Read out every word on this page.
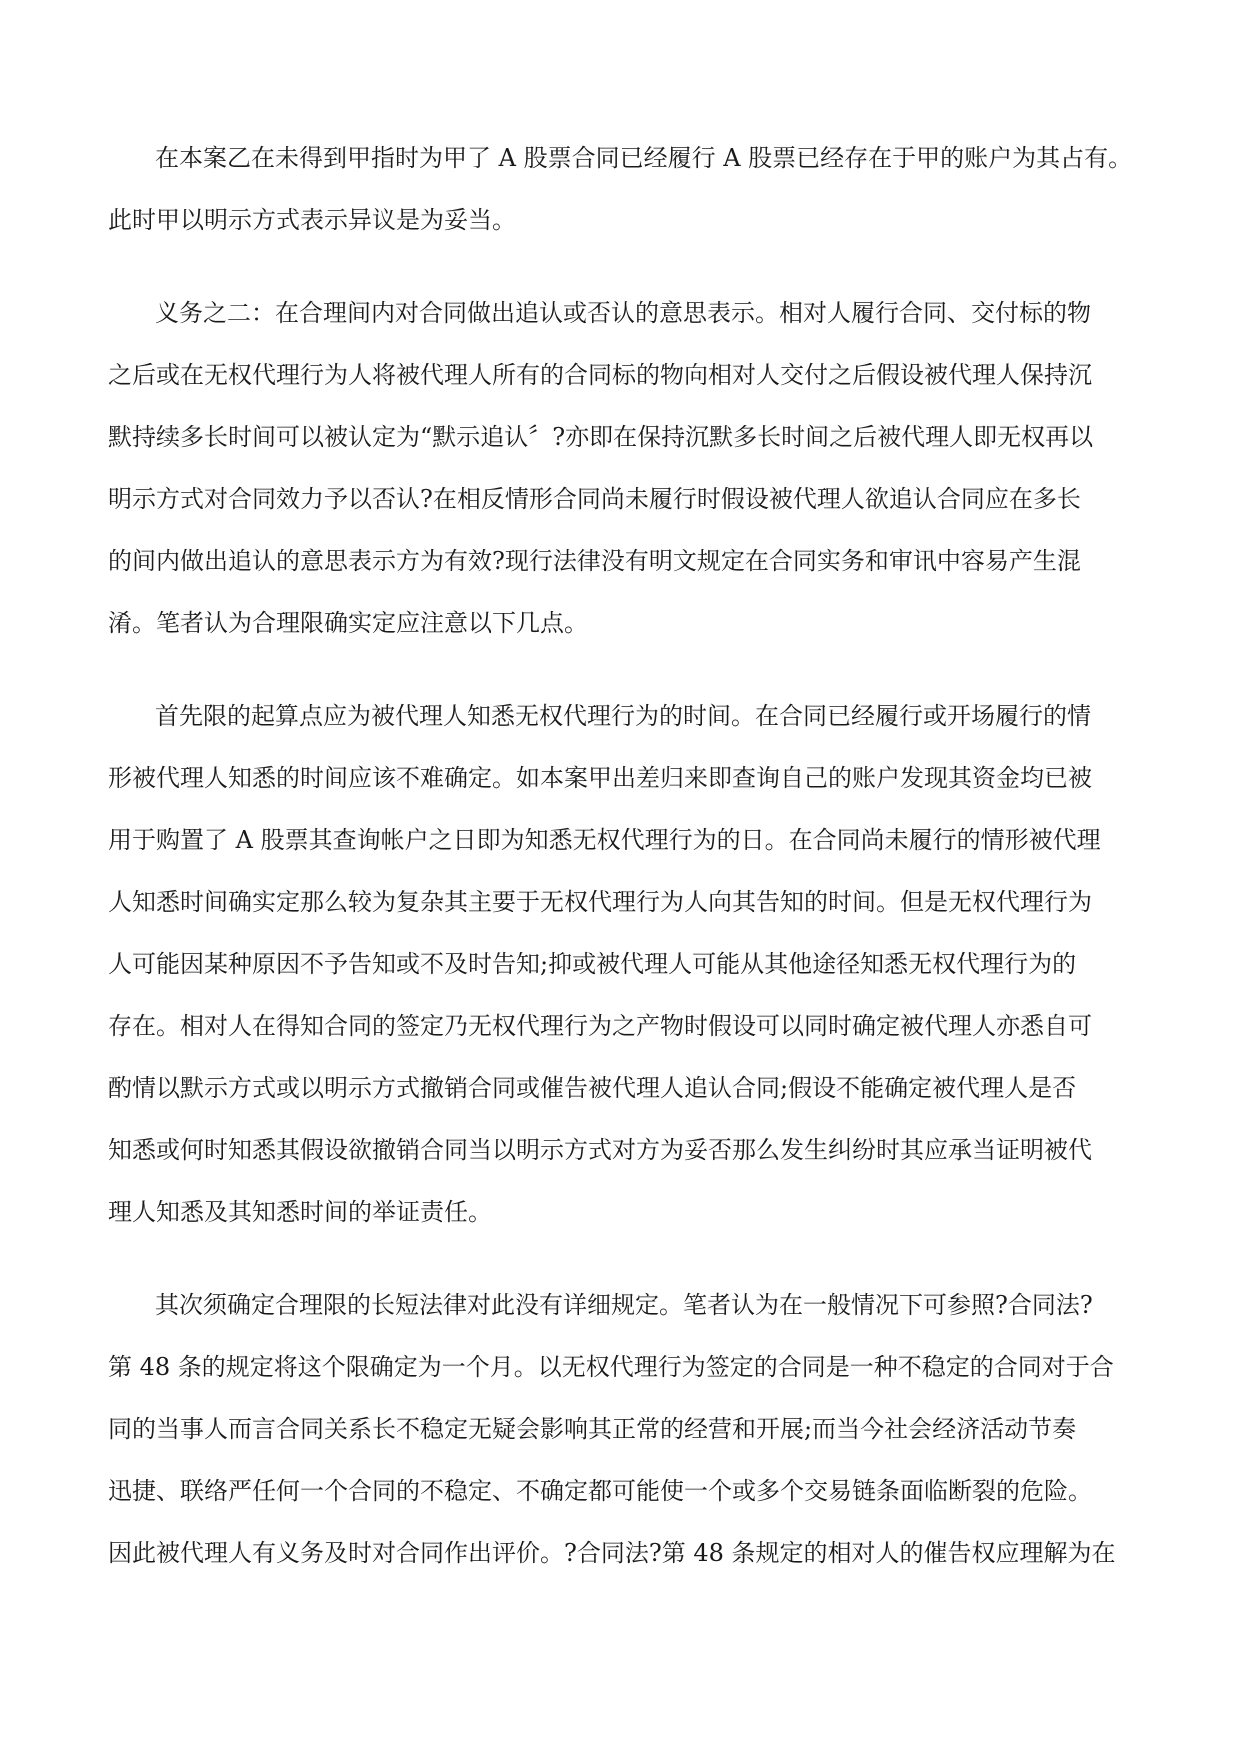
在本案乙在未得到甲指时为甲了 A 股票合同已经履行 A 股票已经存在于甲的账户为其占有。
此时甲以明示方式表示异议是为妥当。
义务之二：在合理间内对合同做出追认或否认的意思表示。相对人履行合同、交付标的物
之后或在无权代理行为人将被代理人所有的合同标的物向相对人交付之后假设被代理人保持沉
默持续多长时间可以被认定为“默示追认〞?亦即在保持沉默多长时间之后被代理人即无权再以
明示方式对合同效力予以否认?在相反情形合同尚未履行时假设被代理人欲追认合同应在多长
的间内做出追认的意思表示方为有效?现行法律没有明文规定在合同实务和审讯中容易产生混
淆。笔者认为合理限确实定应注意以下几点。
首先限的起算点应为被代理人知悉无权代理行为的时间。在合同已经履行或开场履行的情
形被代理人知悉的时间应该不难确定。如本案甲出差归来即查询自己的账户发现其资金均已被
用于购置了 A 股票其查询帐户之日即为知悉无权代理行为的日。在合同尚未履行的情形被代理
人知悉时间确实定那么较为复杂其主要于无权代理行为人向其告知的时间。但是无权代理行为
人可能因某种原因不予告知或不及时告知;抑或被代理人可能从其他途径知悉无权代理行为的
存在。相对人在得知合同的签定乃无权代理行为之产物时假设可以同时确定被代理人亦悉自可
酌情以默示方式或以明示方式撤销合同或催告被代理人追认合同;假设不能确定被代理人是否
知悉或何时知悉其假设欲撤销合同当以明示方式对方为妥否那么发生纠纷时其应承当证明被代
理人知悉及其知悉时间的举证责任。
其次须确定合理限的长短法律对此没有详细规定。笔者认为在一般情况下可参照?合同法?
第 48 条的规定将这个限确定为一个月。以无权代理行为签定的合同是一种不稳定的合同对于合
同的当事人而言合同关系长不稳定无疑会影响其正常的经营和开展;而当今社会经济活动节奏
迅捷、联络严任何一个合同的不稳定、不确定都可能使一个或多个交易链条面临断裂的危险。
因此被代理人有义务及时对合同作出评价。?合同法?第 48 条规定的相对人的催告权应理解为在
